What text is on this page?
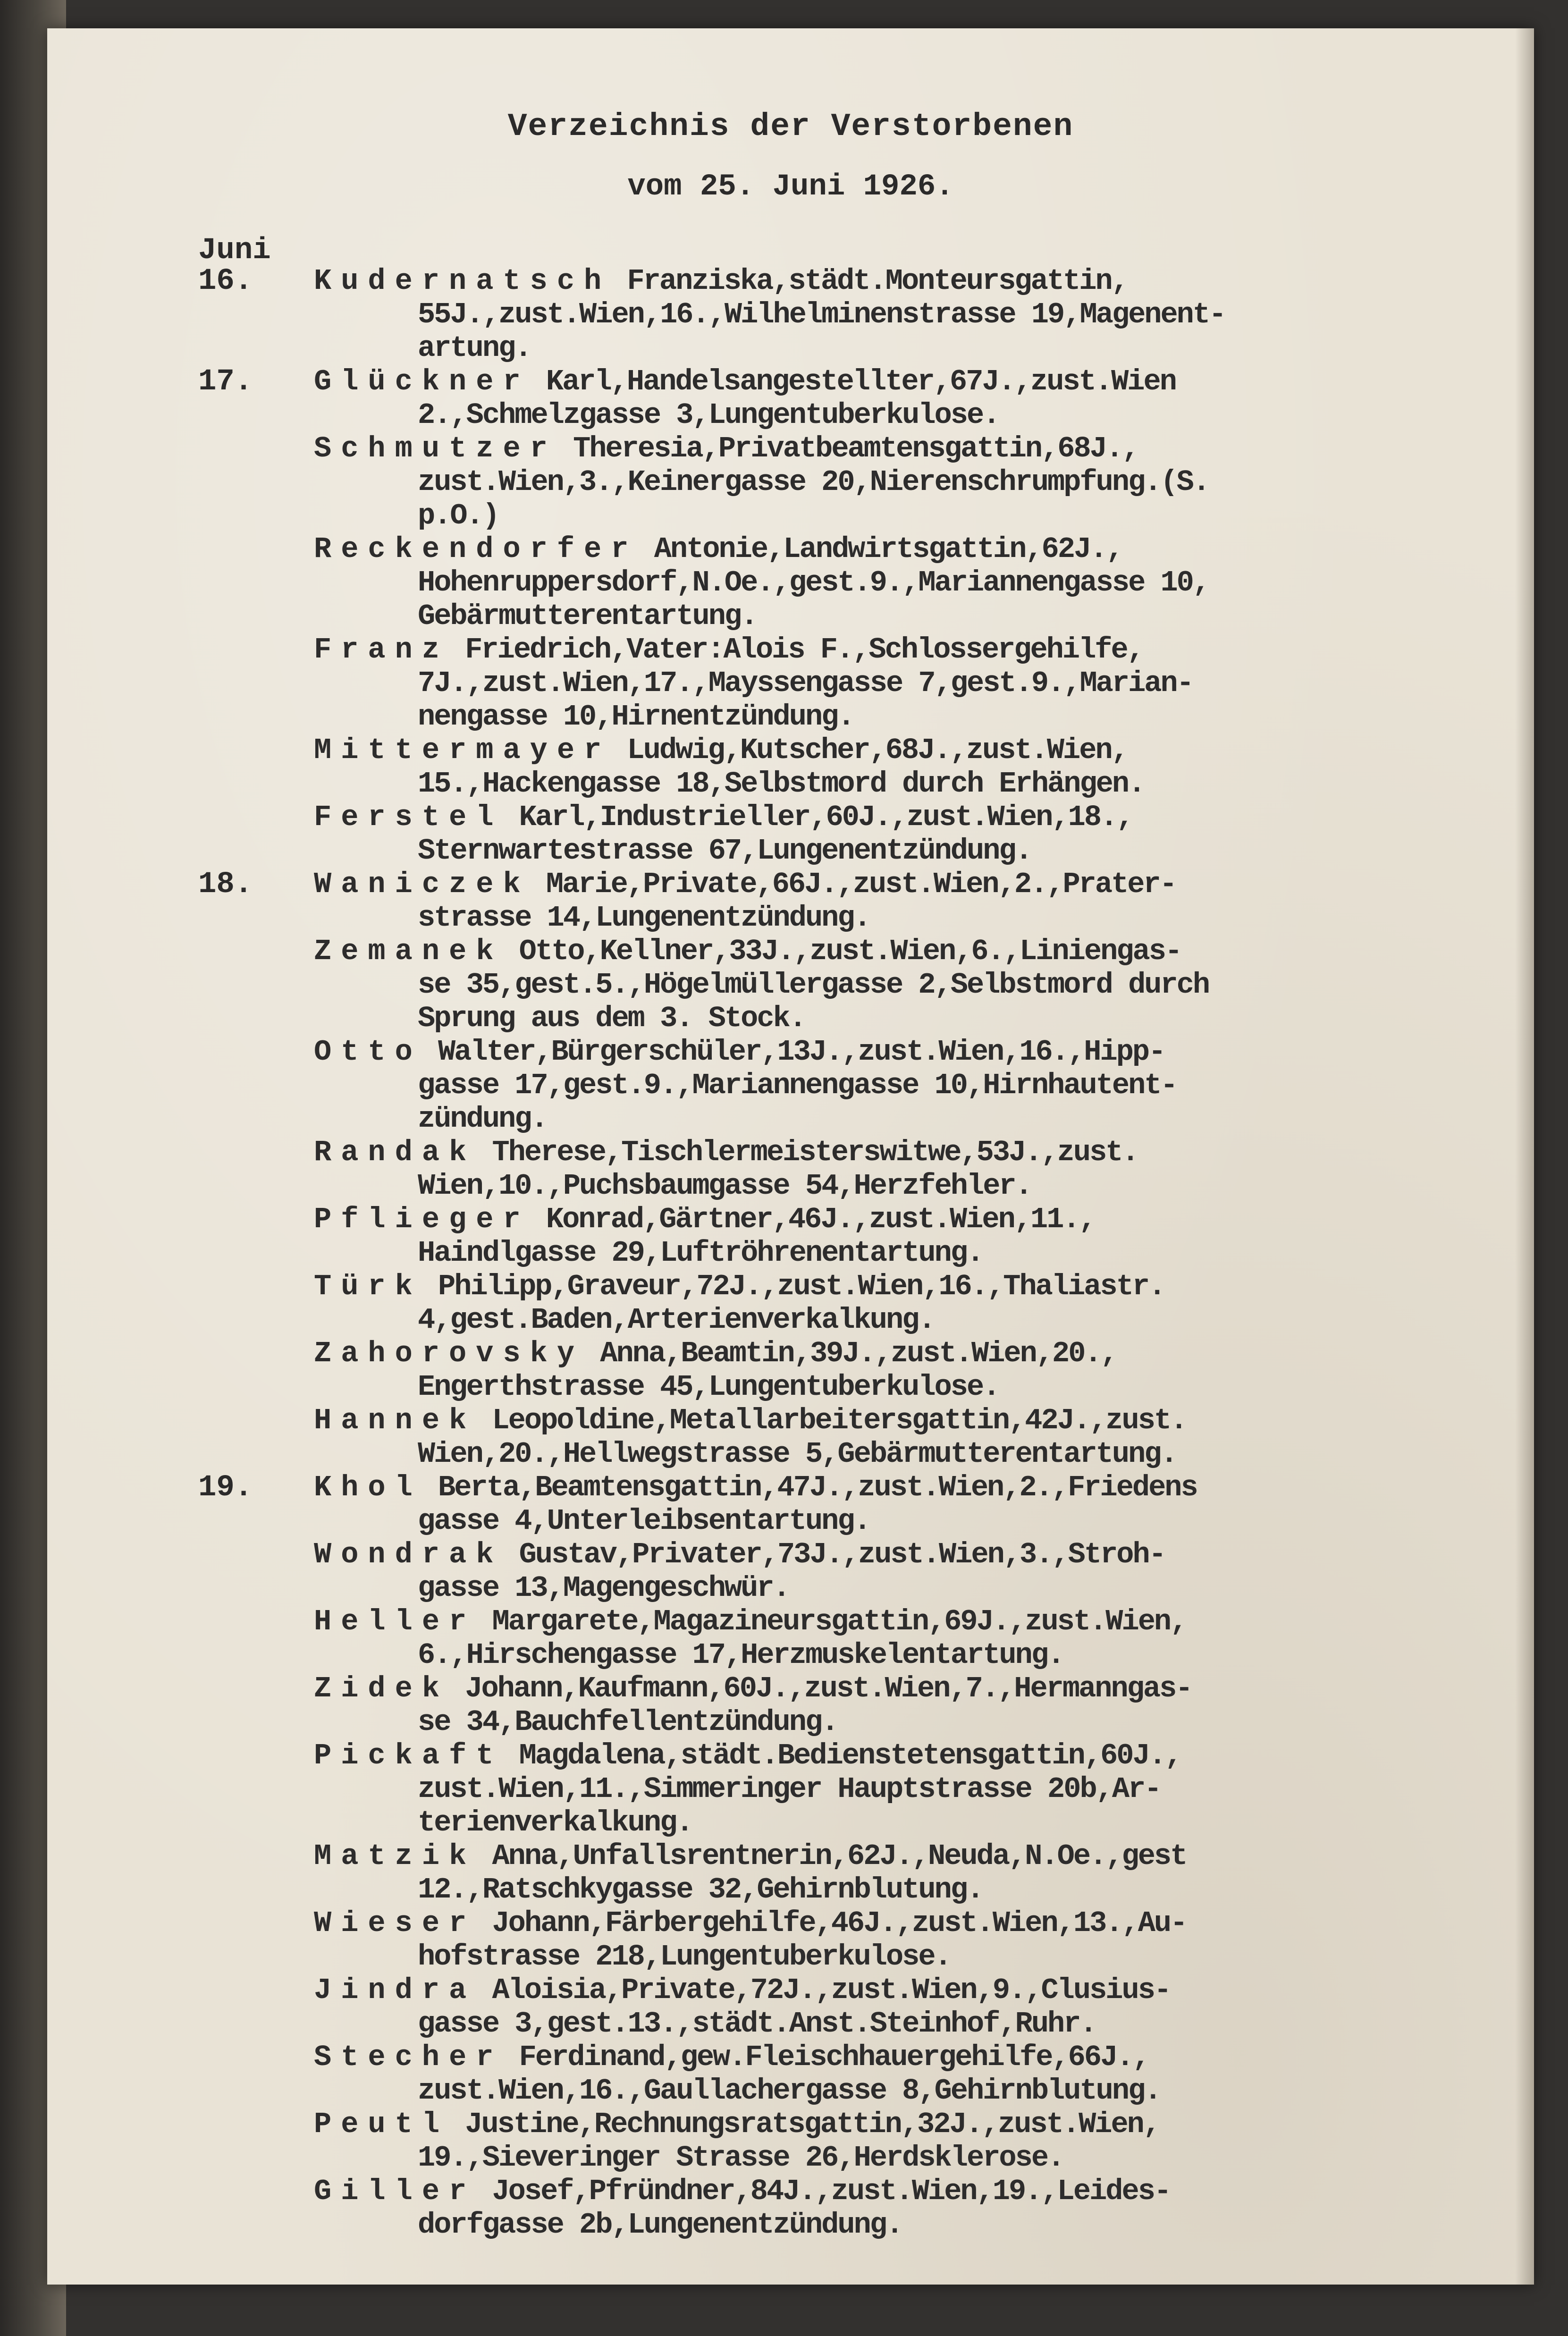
Verzeichnis der Verstorbenen
vom 25. Juni 1926.
Juni
16. Kudernatsch Franziska,städt.Monteursgattin,
55J.,zust.Wien,16.,Wilhelminenstrasse 19,Magenent-
artung.
17. Glückner Karl,Handelsangestellter,67J.,zust.Wien
2.,Schmelzgasse 3,Lungentuberkulose.
Schmutzer Theresia,Privatbeamtensgattin,68J.,
zust.Wien,3.,Keinergasse 20,Nierenschrumpfung.(S.
p.O.)
Reckendorfer Antonie,Landwirtsgattin,62J.,
Hohenruppersdorf,N.Oe.,gest.9.,Mariannengasse 10,
Gebärmutterentartung.
Franz Friedrich,Vater:Alois F.,Schlossergehilfe,
7J.,zust.Wien,17.,Mayssengasse 7,gest.9.,Marian-
nengasse 10,Hirnentzündung.
Mittermayer Ludwig,Kutscher,68J.,zust.Wien,
15.,Hackengasse 18,Selbstmord durch Erhängen.
Ferstel Karl,Industrieller,60J.,zust.Wien,18.,
Sternwartestrasse 67,Lungenentzündung.
18. Waniczek Marie,Private,66J.,zust.Wien,2.,Prater-
strasse 14,Lungenentzündung.
Zemanek Otto,Kellner,33J.,zust.Wien,6.,Liniengas-
se 35,gest.5.,Högelmüllergasse 2,Selbstmord durch
Sprung aus dem 3. Stock.
Otto Walter,Bürgerschüler,13J.,zust.Wien,16.,Hipp-
gasse 17,gest.9.,Mariannengasse 10,Hirnhautent-
zündung.
Randak Therese,Tischlermeisterswitwe,53J.,zust.
Wien,10.,Puchsbaumgasse 54,Herzfehler.
Pflieger Konrad,Gärtner,46J.,zust.Wien,11.,
Haindlgasse 29,Luftröhrenentartung.
Türk Philipp,Graveur,72J.,zust.Wien,16.,Thaliastr.
4,gest.Baden,Arterienverkalkung.
Zahorovsky Anna,Beamtin,39J.,zust.Wien,20.,
Engerthstrasse 45,Lungentuberkulose.
Hannek Leopoldine,Metallarbeitersgattin,42J.,zust.
Wien,20.,Hellwegstrasse 5,Gebärmutterentartung.
19. Khol Berta,Beamtensgattin,47J.,zust.Wien,2.,Friedens
gasse 4,Unterleibsentartung.
Wondrak Gustav,Privater,73J.,zust.Wien,3.,Stroh-
gasse 13,Magengeschwür.
Heller Margarete,Magazineursgattin,69J.,zust.Wien,
6.,Hirschengasse 17,Herzmuskelentartung.
Zidek Johann,Kaufmann,60J.,zust.Wien,7.,Hermanngas-
se 34,Bauchfellentzündung.
Pickaft Magdalena,städt.Bedienstetensgattin,60J.,
zust.Wien,11.,Simmeringer Hauptstrasse 20b,Ar-
terienverkalkung.
Matzik Anna,Unfallsrentnerin,62J.,Neuda,N.Oe.,gest
12.,Ratschkygasse 32,Gehirnblutung.
Wieser Johann,Färbergehilfe,46J.,zust.Wien,13.,Au-
hofstrasse 218,Lungentuberkulose.
Jindra Aloisia,Private,72J.,zust.Wien,9.,Clusius-
gasse 3,gest.13.,städt.Anst.Steinhof,Ruhr.
Stecher Ferdinand,gew.Fleischhauergehilfe,66J.,
zust.Wien,16.,Gaullachergasse 8,Gehirnblutung.
Peutl Justine,Rechnungsratsgattin,32J.,zust.Wien,
19.,Sieveringer Strasse 26,Herdsklerose.
Giller Josef,Pfründner,84J.,zust.Wien,19.,Leides-
dorfgasse 2b,Lungenentzündung.
